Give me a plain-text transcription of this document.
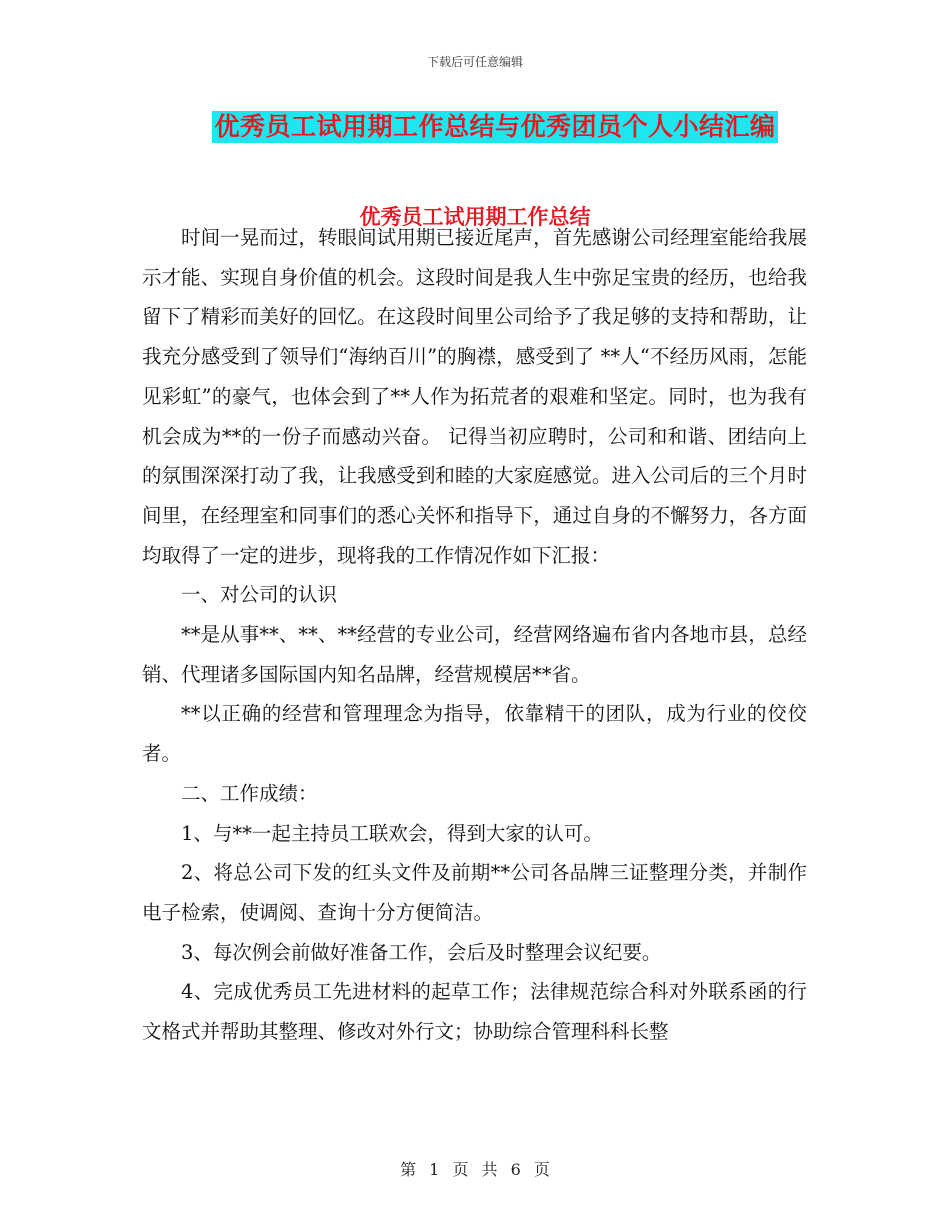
下载后可任意编辑
优秀员工试用期工作总结与优秀团员个人小结汇编
优秀员工试用期工作总结

时间一晃而过，转眼间试用期已接近尾声，首先感谢公司经理室能给我展示才能、实现自身价值的机会。这段时间是我人生中弥足宝贵的经历，也给我留下了精彩而美好的回忆。在这段时间里公司给予了我足够的支持和帮助，让我充分感受到了领导们“海纳百川”的胸襟，感受到了 **人“不经历风雨，怎能见彩虹”的豪气，也体会到了**人作为拓荒者的艰难和坚定。同时，也为我有机会成为**的一份子而感动兴奋。 记得当初应聘时，公司和和谐、团结向上的氛围深深打动了我，让我感受到和睦的大家庭感觉。进入公司后的三个月时间里，在经理室和同事们的悉心关怀和指导下，通过自身的不懈努力，各方面均取得了一定的进步，现将我的工作情况作如下汇报：

一、对公司的认识

**是从事**、**、**经营的专业公司，经营网络遍布省内各地市县，总经销、代理诸多国际国内知名品牌，经营规模居**省。

**以正确的经营和管理理念为指导，依靠精干的团队，成为行业的佼佼者。

二、工作成绩：

1、与**一起主持员工联欢会，得到大家的认可。

2、将总公司下发的红头文件及前期**公司各品牌三证整理分类，并制作电子检索，使调阅、查询十分方便简洁。

3、每次例会前做好准备工作，会后及时整理会议纪要。

4、完成优秀员工先进材料的起草工作；法律规范综合科对外联系函的行文格式并帮助其整理、修改对外行文；协助综合管理科科长整

第 1 页 共 6 页
